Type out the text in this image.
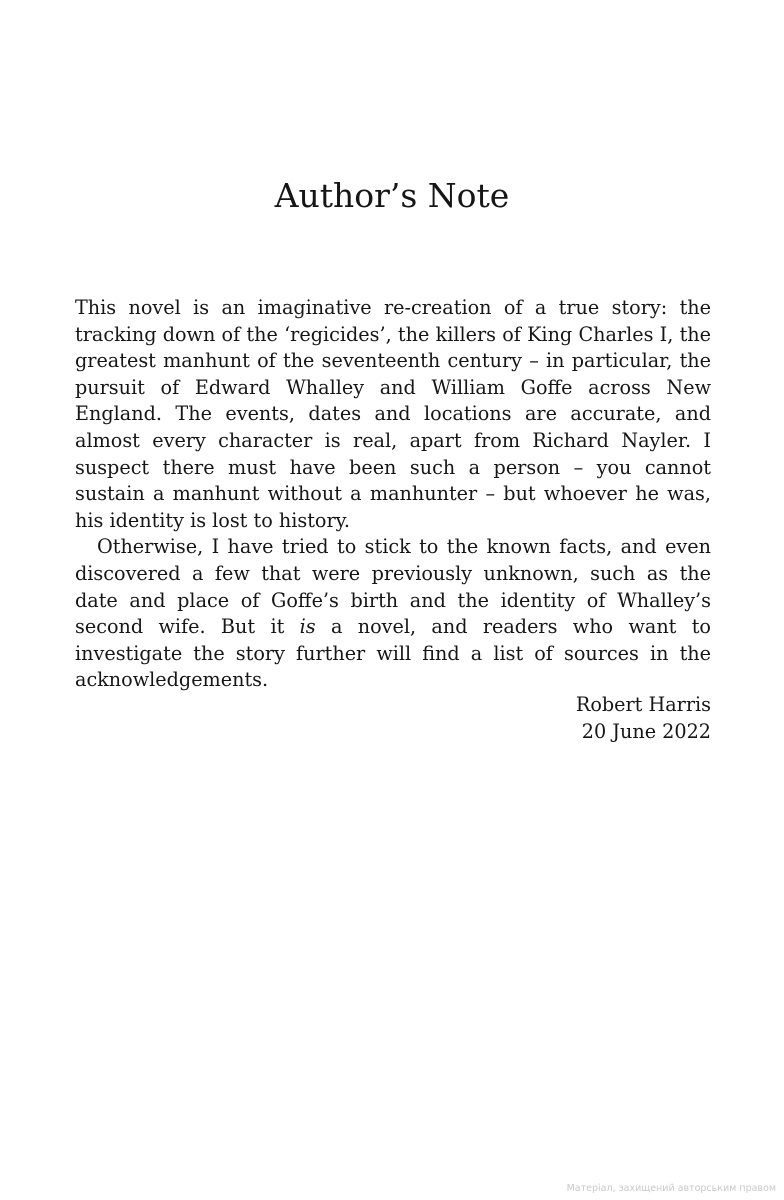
Author’s Note

This novel is an imaginative re-creation of a true story: the tracking down of the ‘regicides’, the killers of King Charles I, the greatest manhunt of the seventeenth century – in particular, the pursuit of Edward Whalley and William Goffe across New England. The events, dates and locations are accurate, and almost every character is real, apart from Richard Nayler. I suspect there must have been such a person – you cannot sustain a manhunt without a manhunter – but whoever he was, his identity is lost to history.

Otherwise, I have tried to stick to the known facts, and even discovered a few that were previously unknown, such as the date and place of Goffe’s birth and the identity of Whalley’s second wife. But it is a novel, and readers who want to investigate the story further will find a list of sources in the acknowledgements.

Robert Harris
20 June 2022
Матеріал, захищений авторським правом
